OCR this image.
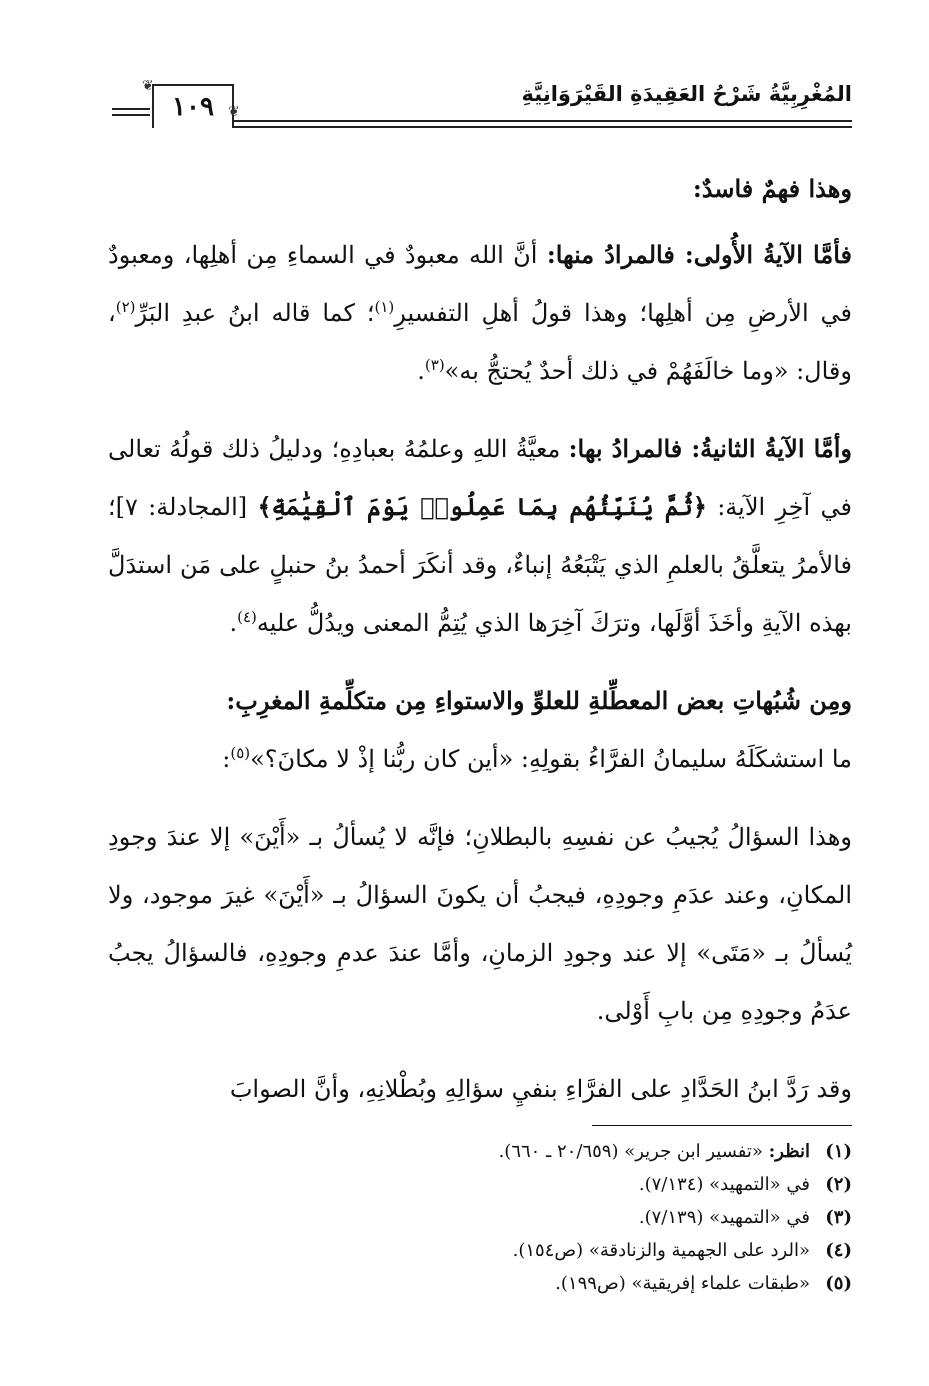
❦
١٠٩	❦
المُغْرِبِيَّةُ شَرْحُ العَقِيدَةِ القَيْرَوَانِيَّةِ

وهذا فهمٌ فاسدٌ:

فأمَّا الآيةُ الأُولى: فالمرادُ منها: أنَّ الله معبودٌ في السماءِ مِن أهلِها، ومعبودٌ في الأرضِ مِن أهلِها؛ وهذا قولُ أهلِ التفسيرِ$^{(١)}$؛ كما قاله ابنُ عبدِ البَرِّ$^{(٢)}$، وقال: «وما خالَفَهُمْ في ذلك أحدٌ يُحتجُّ به»$^{(٣)}$.

وأمَّا الآيةُ الثانيةُ: فالمرادُ بها: معيَّةُ اللهِ وعلمُهُ بعبادِهِ؛ ودليلُ ذلك قولُهُ تعالى في آخِرِ الآية: ﴿ثُمَّ يُنَبِّئُهُم بِمَا عَمِلُوا۟ يَوْمَ ٱلْقِيَٰمَةِ﴾ [المجادلة: ٧]؛ فالأمرُ يتعلَّقُ بالعلمِ الذي يَتْبَعُهُ إنباءٌ، وقد أنكَرَ أحمدُ بنُ حنبلٍ على مَن استدَلَّ بهذه الآيةِ وأخَذَ أوَّلَها، وترَكَ آخِرَها الذي يُتِمُّ المعنى ويدُلُّ عليه$^{(٤)}$.

ومِن شُبُهاتِ بعض المعطِّلةِ للعلوِّ والاستواءِ مِن متكلِّمةِ المغرِبِ:
ما استشكَلَهُ سليمانُ الفرَّاءُ بقولِهِ: «أين كان ربُّنا إذْ لا مكانَ؟»$^{(٥)}$:

وهذا السؤالُ يُجيبُ عن نفسِهِ بالبطلانِ؛ فإنَّه لا يُسألُ بـ «أَيْنَ» إلا عندَ وجودِ المكانِ، وعند عدَمِ وجودِهِ، فيجبُ أن يكونَ السؤالُ بـ «أَيْنَ» غيرَ موجود، ولا يُسألُ بـ «مَتَى» إلا عند وجودِ الزمانِ، وأمَّا عندَ عدمِ وجودِهِ، فالسؤالُ يجبُ عدَمُ وجودِهِ مِن بابِ أَوْلى.

وقد رَدَّ ابنُ الحَدَّادِ على الفرَّاءِ بنفيِ سؤالِهِ وبُطْلانِهِ، وأنَّ الصوابَ

(١)انظر: «تفسير ابن جرير» (٢٠/٦٥٩ ـ ٦٦٠).
(٢)في «التمهيد» (٧/١٣٤).
(٣)في «التمهيد» (٧/١٣٩).
(٤)«الرد على الجهمية والزنادقة» (ص١٥٤).
(٥)«طبقات علماء إفريقية» (ص١٩٩).
